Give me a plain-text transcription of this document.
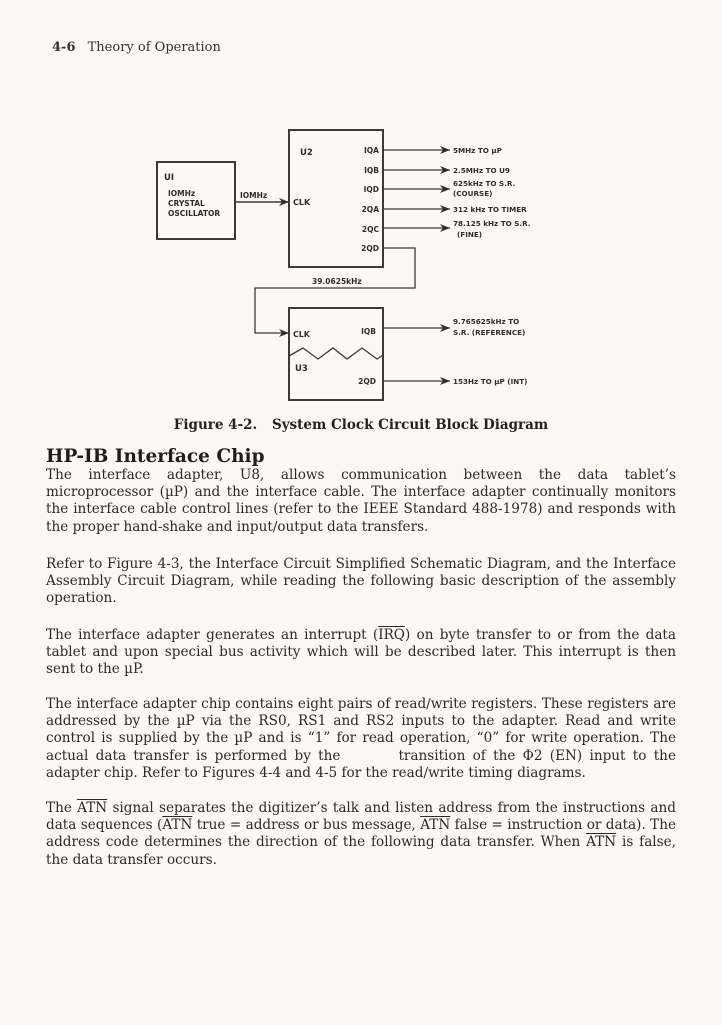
4-6 Theory of Operation
UI
IOMHz
CRYSTAL
OSCILLATOR
IOMHz
U2
CLK
IQA
IQB
IQD
2QA
2QC
2QD
5MHz TO µP
2.5MHz TO U9
625kHz TO S.R.
(COURSE)
312 kHz TO TIMER
78.125 kHz TO S.R.
(FINE)
39.0625kHz
CLK	IQB
U3
2QD
9.765625kHz TO
S.R. (REFERENCE)
153Hz TO µP (INT)
Figure 4-2. System Clock Circuit Block Diagram
HP-IB Interface Chip

The interface adapter, U8, allows communication between the data tablet’s microprocessor (µP) and the interface cable. The interface adapter continually monitors the interface cable control lines (refer to the IEEE Standard 488-1978) and responds with the proper hand-shake and input∕output data transfers.

Refer to Figure 4-3, the Interface Circuit Simplified Schematic Diagram, and the Interface Assembly Circuit Diagram, while reading the following basic description of the assembly operation.

The interface adapter generates an interrupt $(\overline{IRQ})$ on byte transfer to or from the data tablet and upon special bus activity which will be described later. This interrupt is then sent to the µP.

The interface adapter chip contains eight pairs of read∕write registers. These registers are addressed by the µP via the RS0, RS1 and RS2 inputs to the adapter. Read and write control is supplied by the µP and is “1” for read operation, “0” for write operation. The actual data transfer is performed by the	transition of the Φ2 (EN) input to the adapter chip. Refer to Figures 4-4 and 4-5 for the read∕write timing diagrams.

The $\overline{ATN}$ signal separates the digitizer’s talk and listen address from the instructions and data sequences ($\overline{ATN}$ true = address or bus message, $\overline{ATN}$ false = instruction or data). The address code determines the direction of the following data transfer. When $\overline{ATN}$ is false, the data transfer occurs.
